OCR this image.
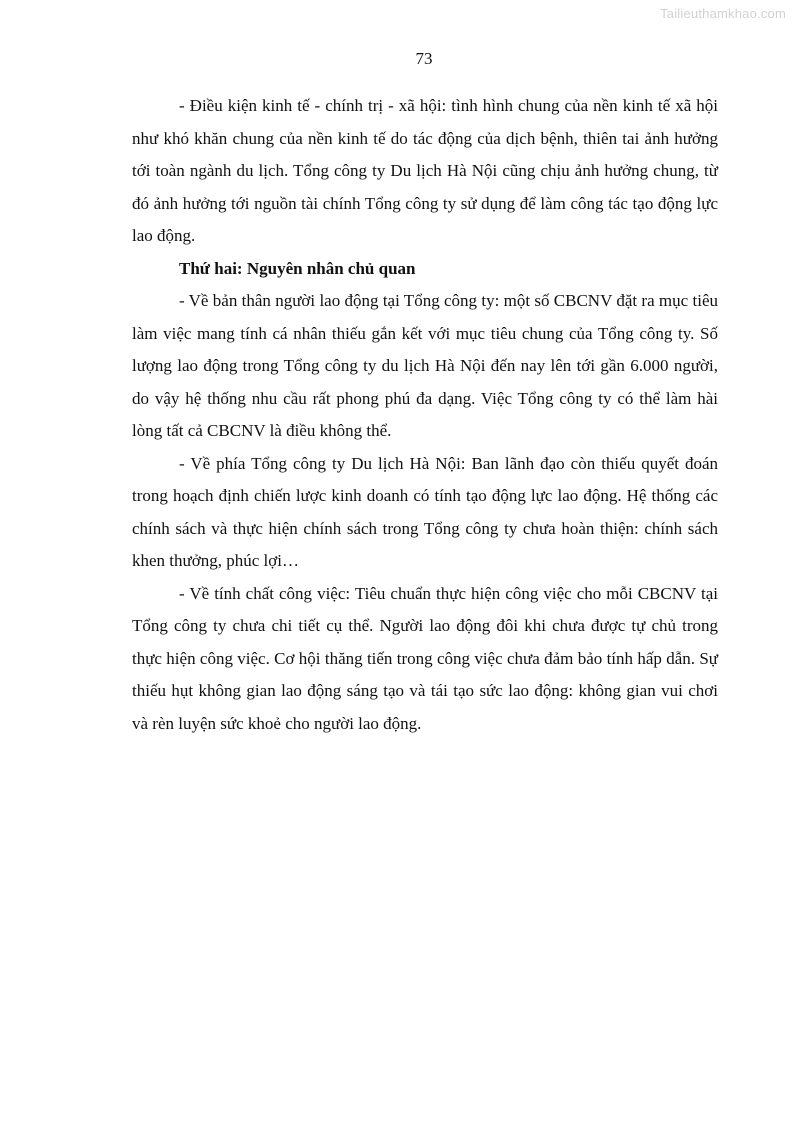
Tailieuthamkhao.com
73

- Điều kiện kinh tế - chính trị - xã hội: tình hình chung của nền kinh tế xã hội như khó khăn chung của nền kinh tế do tác động của dịch bệnh, thiên tai ảnh hưởng tới toàn ngành du lịch. Tổng công ty Du lịch Hà Nội cũng chịu ảnh hưởng chung, từ đó ảnh hưởng tới nguồn tài chính Tổng công ty sử dụng để làm công tác tạo động lực lao động.

Thứ hai: Nguyên nhân chủ quan

- Về bản thân người lao động tại Tổng công ty: một số CBCNV đặt ra mục tiêu làm việc mang tính cá nhân thiếu gắn kết với mục tiêu chung của Tổng công ty. Số lượng lao động trong Tổng công ty du lịch Hà Nội đến nay lên tới gần 6.000 người, do vậy hệ thống nhu cầu rất phong phú đa dạng. Việc Tổng công ty có thể làm hài lòng tất cả CBCNV là điều không thể.

- Về phía Tổng công ty Du lịch Hà Nội: Ban lãnh đạo còn thiếu quyết đoán trong hoạch định chiến lược kinh doanh có tính tạo động lực lao động. Hệ thống các chính sách và thực hiện chính sách trong Tổng công ty chưa hoàn thiện: chính sách khen thưởng, phúc lợi…

- Về tính chất công việc: Tiêu chuẩn thực hiện công việc cho mỗi CBCNV tại Tổng công ty chưa chi tiết cụ thể. Người lao động đôi khi chưa được tự chủ trong thực hiện công việc. Cơ hội thăng tiến trong công việc chưa đảm bảo tính hấp dẫn. Sự thiếu hụt không gian lao động sáng tạo và tái tạo sức lao động: không gian vui chơi và rèn luyện sức khoẻ cho người lao động.
